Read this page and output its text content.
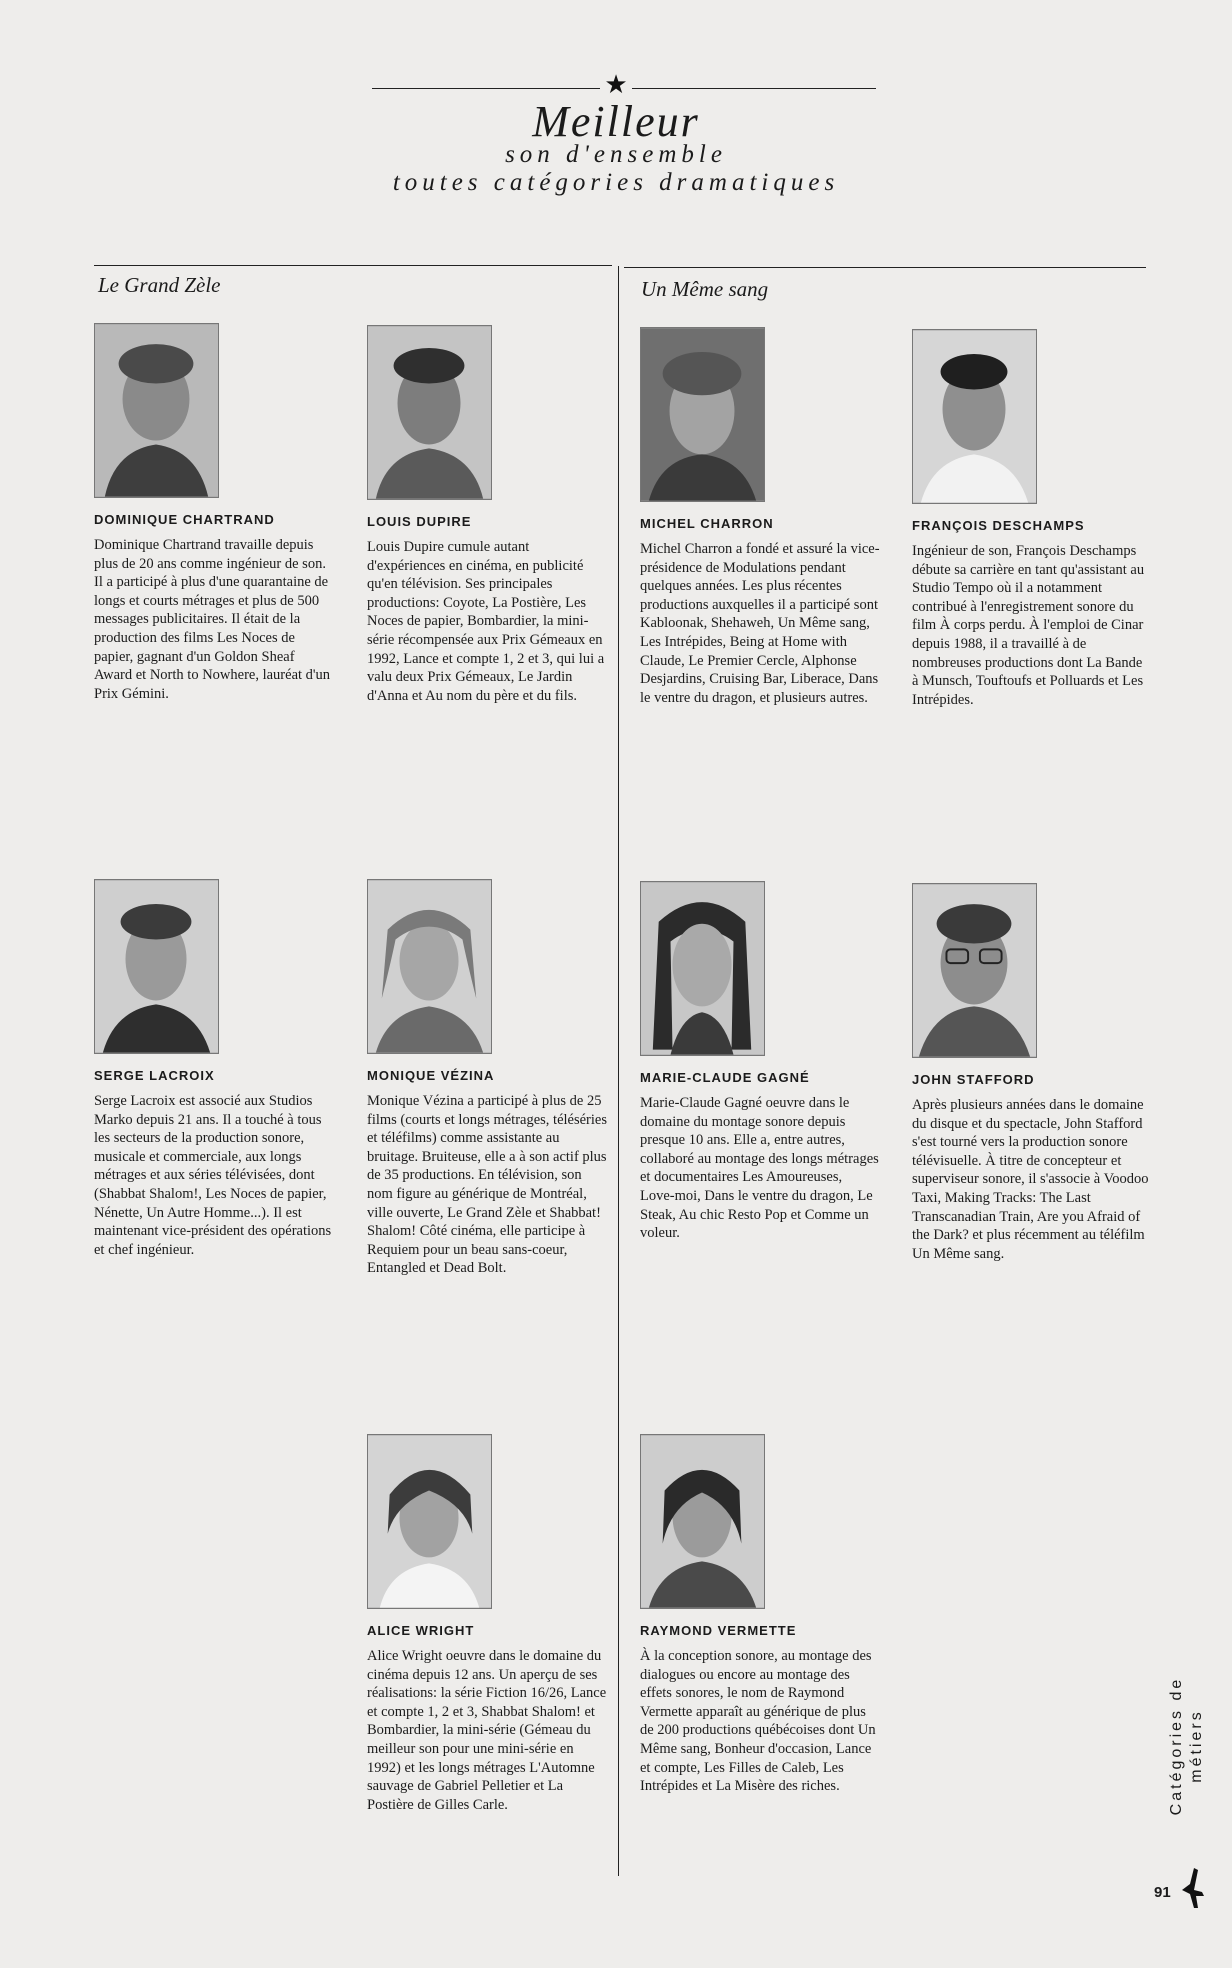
★
Meilleur
son d'ensemble
toutes catégories dramatiques
Le Grand Zèle	Un Même sang
DOMINIQUE CHARTRAND
Dominique Chartrand travaille depuis plus de 20 ans comme ingénieur de son. Il a participé à plus d'une quarantaine de longs et courts métrages et plus de 500 messages publicitaires. Il était de la production des films Les Noces de papier, gagnant d'un Goldon Sheaf Award et North to Nowhere, lauréat d'un Prix Gémini.
LOUIS DUPIRE
Louis Dupire cumule autant d'expériences en cinéma, en publicité qu'en télévision. Ses principales productions: Coyote, La Postière, Les Noces de papier, Bombardier, la mini-série récompensée aux Prix Gémeaux en 1992, Lance et compte 1, 2 et 3, qui lui a valu deux Prix Gémeaux, Le Jardin d'Anna et Au nom du père et du fils.
MICHEL CHARRON
Michel Charron a fondé et assuré la vice-présidence de Modulations pendant quelques années. Les plus récentes productions auxquelles il a participé sont Kabloonak, Shehaweh, Un Même sang, Les Intrépides, Being at Home with Claude, Le Premier Cercle, Alphonse Desjardins, Cruising Bar, Liberace, Dans le ventre du dragon, et plusieurs autres.
FRANÇOIS DESCHAMPS
Ingénieur de son, François Deschamps débute sa carrière en tant qu'assistant au Studio Tempo où il a notamment contribué à l'enregistrement sonore du film À corps perdu. À l'emploi de Cinar depuis 1988, il a travaillé à de nombreuses productions dont La Bande à Munsch, Touftoufs et Polluards et Les Intrépides.
SERGE LACROIX
Serge Lacroix est associé aux Studios Marko depuis 21 ans. Il a touché à tous les secteurs de la production sonore, musicale et commerciale, aux longs métrages et aux séries télévisées, dont (Shabbat Shalom!, Les Noces de papier, Nénette, Un Autre Homme...). Il est maintenant vice-président des opérations et chef ingénieur.
MONIQUE VÉZINA
Monique Vézina a participé à plus de 25 films (courts et longs métrages, téléséries et téléfilms) comme assistante au bruitage. Bruiteuse, elle a à son actif plus de 35 productions. En télévision, son nom figure au générique de Montréal, ville ouverte, Le Grand Zèle et Shabbat! Shalom! Côté cinéma, elle participe à Requiem pour un beau sans-coeur, Entangled et Dead Bolt.
MARIE-CLAUDE GAGNÉ
Marie-Claude Gagné oeuvre dans le domaine du montage sonore depuis presque 10 ans. Elle a, entre autres, collaboré au montage des longs métrages et documentaires Les Amoureuses, Love-moi, Dans le ventre du dragon, Le Steak, Au chic Resto Pop et Comme un voleur.
JOHN STAFFORD
Après plusieurs années dans le domaine du disque et du spectacle, John Stafford s'est tourné vers la production sonore télévisuelle. À titre de concepteur et superviseur sonore, il s'associe à Voodoo Taxi, Making Tracks: The Last Transcanadian Train, Are you Afraid of the Dark? et plus récemment au téléfilm Un Même sang.
ALICE WRIGHT
Alice Wright oeuvre dans le domaine du cinéma depuis 12 ans. Un aperçu de ses réalisations: la série Fiction 16/26, Lance et compte 1, 2 et 3, Shabbat Shalom! et Bombardier, la mini-série (Gémeau du meilleur son pour une mini-série en 1992) et les longs métrages L'Automne sauvage de Gabriel Pelletier et La Postière de Gilles Carle.
RAYMOND VERMETTE
À la conception sonore, au montage des dialogues ou encore au montage des effets sonores, le nom de Raymond Vermette apparaît au générique de plus de 200 productions québécoises dont Un Même sang, Bonheur d'occasion, Lance et compte, Les Filles de Caleb, Les Intrépides et La Misère des riches.	Catégories de métiers
91
